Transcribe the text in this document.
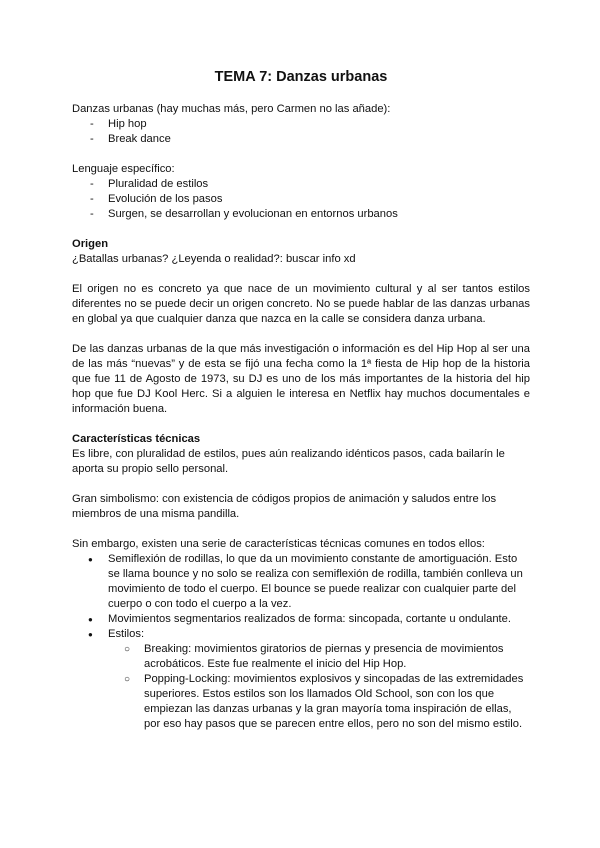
TEMA 7: Danzas urbanas

Danzas urbanas (hay muchas más, pero Carmen no las añade):

- Hip hop
- Break dance

Lenguaje específico:

- Pluralidad de estilos
- Evolución de los pasos
- Surgen, se desarrollan y evolucionan en entornos urbanos

Origen

¿Batallas urbanas? ¿Leyenda o realidad?: buscar info xd

El origen no es concreto ya que nace de un movimiento cultural y al ser tantos estilos diferentes no se puede decir un origen concreto. No se puede hablar de las danzas urbanas en global ya que cualquier danza que nazca en la calle se considera danza urbana.

De las danzas urbanas de la que más investigación o información es del Hip Hop al ser una de las más “nuevas” y de esta se fijó una fecha como la 1ª fiesta de Hip hop de la historia que fue 11 de Agosto de 1973, su DJ es uno de los más importantes de la historia del hip hop que fue DJ Kool Herc. Si a alguien le interesa en Netflix hay muchos documentales e información buena.

Características técnicas

Es libre, con pluralidad de estilos, pues aún realizando idénticos pasos, cada bailarín le aporta su propio sello personal.

Gran simbolismo: con existencia de códigos propios de animación y saludos entre los miembros de una misma pandilla.

Sin embargo, existen una serie de características técnicas comunes en todos ellos:

● Semiflexión de rodillas, lo que da un movimiento constante de amortiguación. Esto se llama bounce y no solo se realiza con semiflexión de rodilla, también conlleva un movimiento de todo el cuerpo. El bounce se puede realizar con cualquier parte del cuerpo o con todo el cuerpo a la vez.
● Movimientos segmentarios realizados de forma: sincopada, cortante u ondulante.
● Estilos:
○ Breaking: movimientos giratorios de piernas y presencia de movimientos acrobáticos. Este fue realmente el inicio del Hip Hop.
○ Popping-Locking: movimientos explosivos y sincopadas de las extremidades superiores. Estos estilos son los llamados Old School, son con los que empiezan las danzas urbanas y la gran mayoría toma inspiración de ellas, por eso hay pasos que se parecen entre ellos, pero no son del mismo estilo.
